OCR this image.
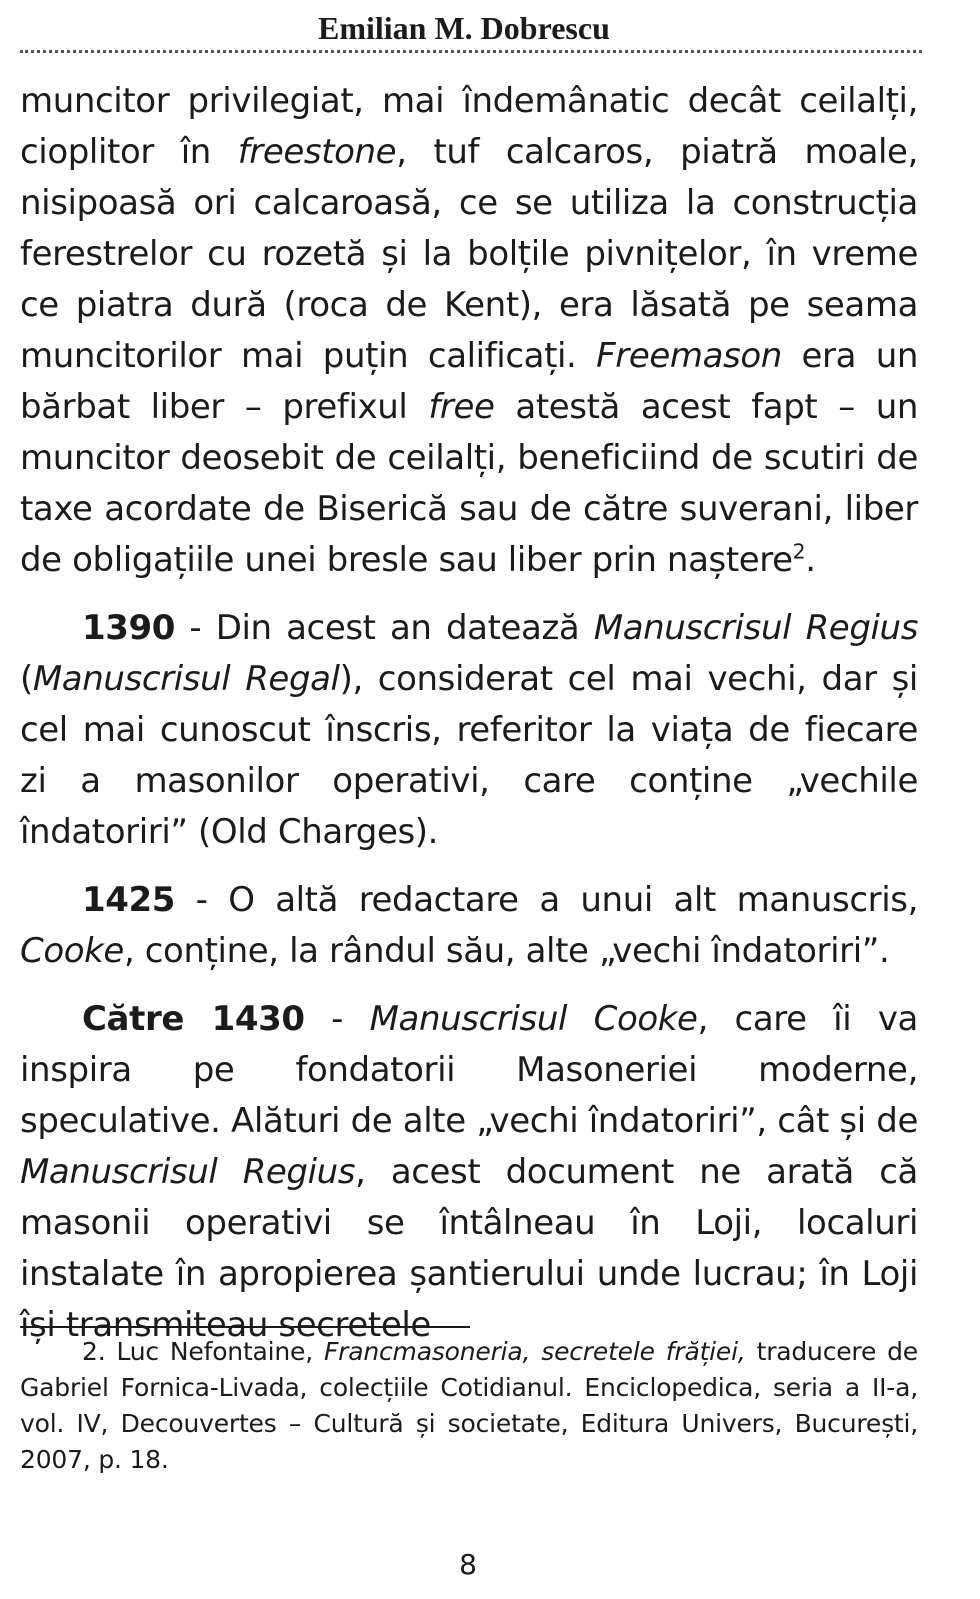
Emilian M. Dobrescu

muncitor privilegiat, mai îndemânatic decât ceilalți, cioplitor în freestone, tuf calcaros, piatră moale, nisipoasă ori calcaroasă, ce se utiliza la construcția ferestrelor cu rozetă și la bolțile pivnițelor, în vreme ce piatra dură (roca de Kent), era lăsată pe seama muncitorilor mai puțin calificați. Freemason era un bărbat liber – prefixul free atestă acest fapt – un muncitor deosebit de ceilalți, beneficiind de scutiri de taxe acordate de Biserică sau de către suverani, liber de obligațiile unei bresle sau liber prin naștere$^2$.

1390 - Din acest an datează Manuscrisul Regius (Manuscrisul Regal), considerat cel mai vechi, dar și cel mai cunoscut înscris, referitor la viața de fiecare zi a masonilor operativi, care conține „vechile îndatoriri” (Old Charges).

1425 - O altă redactare a unui alt manuscris, Cooke, conține, la rândul său, alte „vechi îndatoriri”.

Către 1430 - Manuscrisul Cooke, care îi va inspira pe fondatorii Masoneriei moderne, speculative. Alături de alte „vechi îndatoriri”, cât și de Manuscrisul Regius, acest document ne arată că masonii operativi se întâlneau în Loji, localuri instalate în apropierea șantierului unde lucrau; în Loji își transmiteau secretele

2. Luc Nefontaine, Francmasoneria, secretele frăției, traducere de Gabriel Fornica-Livada, colecțiile Cotidianul. Enciclopedica, seria a II-a, vol. IV, Decouvertes – Cultură și societate, Editura Univers, București, 2007, p. 18.

8
